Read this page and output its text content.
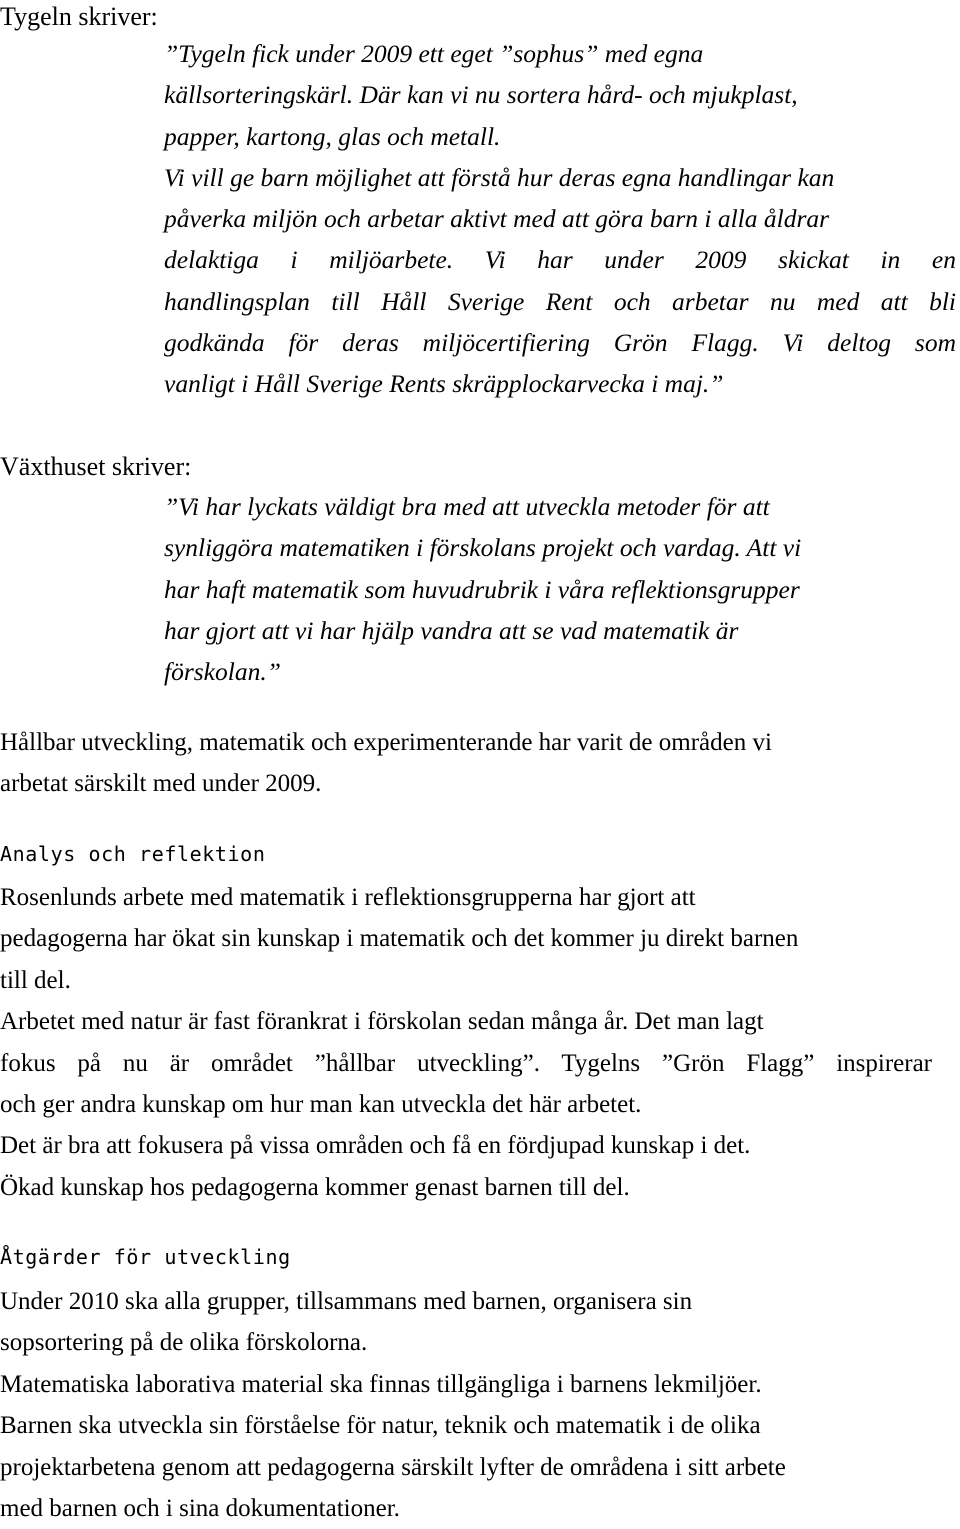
Tygeln skriver:
”Tygeln fick under 2009 ett eget ”sophus” med egna
källsorteringskärl. Där kan vi nu sortera hård- och mjukplast,
papper, kartong, glas och metall.
Vi vill ge barn möjlighet att förstå hur deras egna handlingar kan
påverka miljön och arbetar aktivt med att göra barn i alla åldrar
delaktiga i miljöarbete. Vi har under 2009 skickat in en
handlingsplan till Håll Sverige Rent och arbetar nu med att bli
godkända för deras miljöcertifiering Grön Flagg. Vi deltog som
vanligt i Håll Sverige Rents skräpplockarvecka i maj.”
Växthuset skriver:
”Vi har lyckats väldigt bra med att utveckla metoder för att
synliggöra matematiken i förskolans projekt och vardag. Att vi
har haft matematik som huvudrubrik i våra reflektionsgrupper
har gjort att vi har hjälp vandra att se vad matematik är
förskolan.”
Hållbar utveckling, matematik och experimenterande har varit de områden vi
arbetat särskilt med under 2009.
Analys och reflektion
Rosenlunds arbete med matematik i reflektionsgrupperna har gjort att
pedagogerna har ökat sin kunskap i matematik och det kommer ju direkt barnen
till del.
Arbetet med natur är fast förankrat i förskolan sedan många år. Det man lagt
fokus på nu är området ”hållbar utveckling”. Tygelns ”Grön Flagg” inspirerar
och ger andra kunskap om hur man kan utveckla det här arbetet.
Det är bra att fokusera på vissa områden och få en fördjupad kunskap i det.
Ökad kunskap hos pedagogerna kommer genast barnen till del.
Åtgärder för utveckling
Under 2010 ska alla grupper, tillsammans med barnen, organisera sin
sopsortering på de olika förskolorna.
Matematiska laborativa material ska finnas tillgängliga i barnens lekmiljöer.
Barnen ska utveckla sin förståelse för natur, teknik och matematik i de olika
projektarbetena genom att pedagogerna särskilt lyfter de områdena i sitt arbete
med barnen och i sina dokumentationer.
